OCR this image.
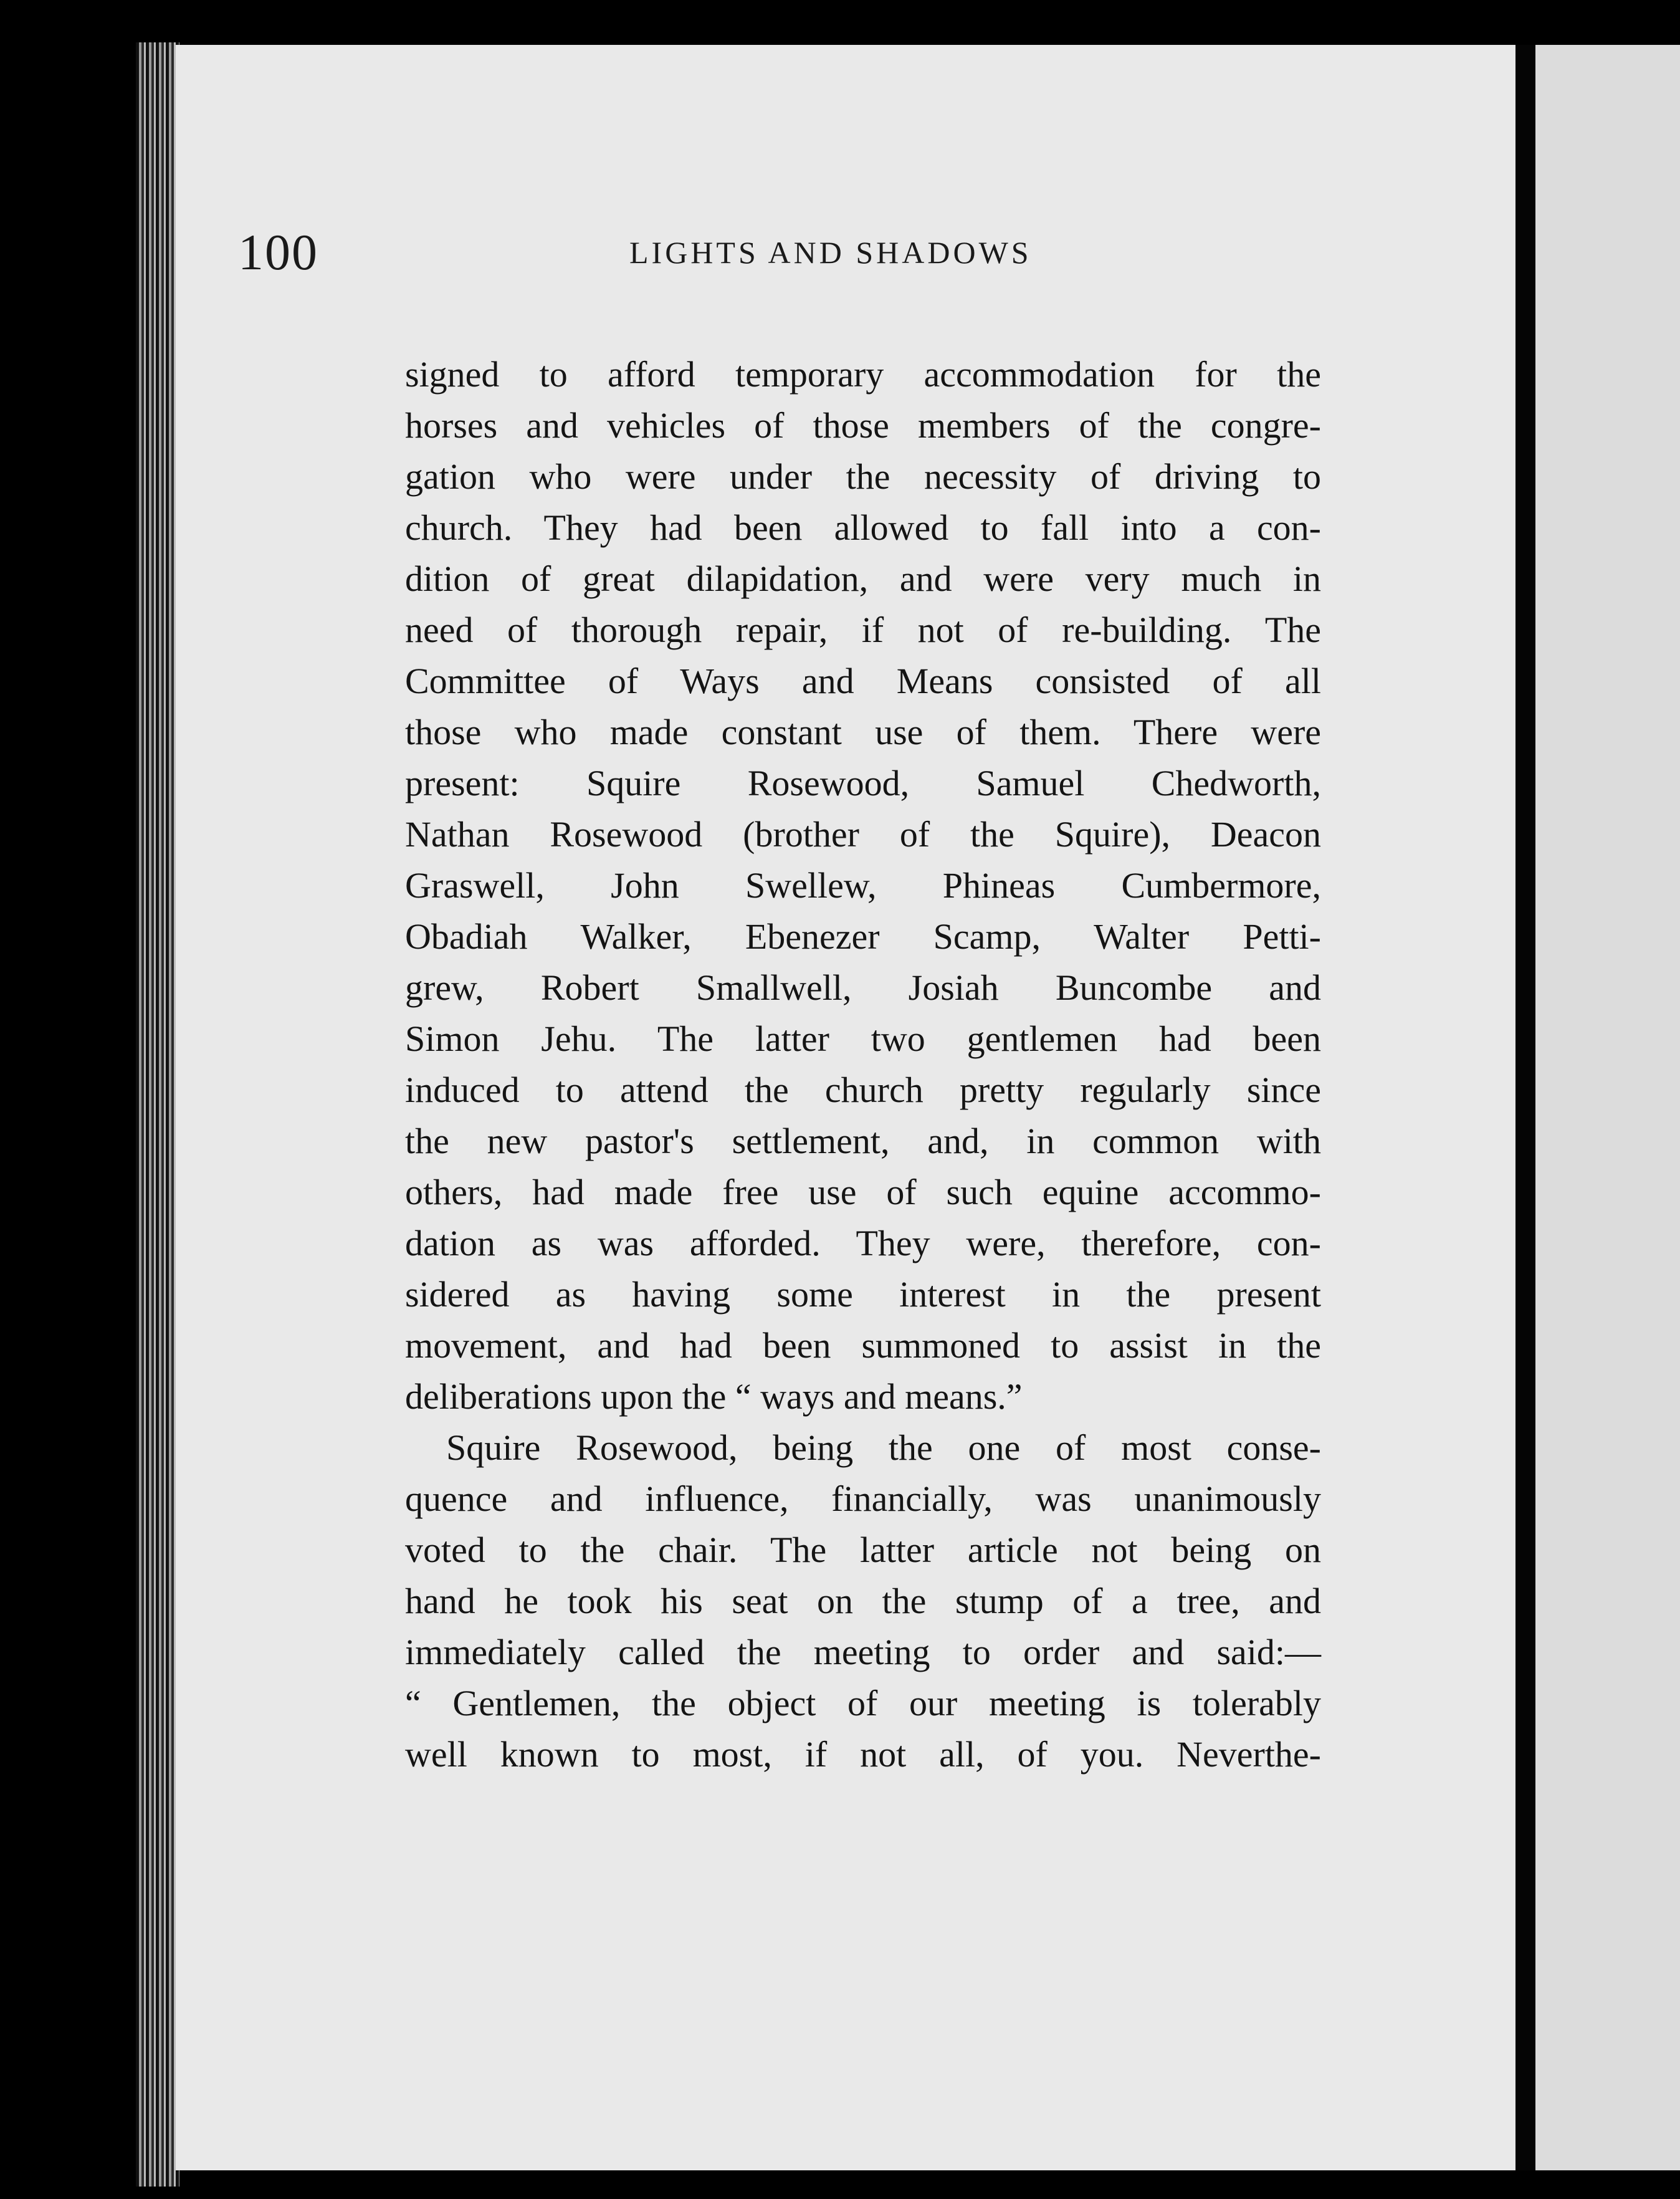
100	LIGHTS AND SHADOWS
signed to afford temporary accommodation for the
horses and vehicles of those members of the congre-
gation who were under the necessity of driving to
church. They had been allowed to fall into a con-
dition of great dilapidation, and were very much in
need of thorough repair, if not of re-building. The
Committee of Ways and Means consisted of all
those who made constant use of them. There were
present: Squire Rosewood, Samuel Chedworth,
Nathan Rosewood (brother of the Squire), Deacon
Graswell, John Swellew, Phineas Cumbermore,
Obadiah Walker, Ebenezer Scamp, Walter Petti-
grew, Robert Smallwell, Josiah Buncombe and
Simon Jehu. The latter two gentlemen had been
induced to attend the church pretty regularly since
the new pastor's settlement, and, in common with
others, had made free use of such equine accommo-
dation as was afforded. They were, therefore, con-
sidered as having some interest in the present
movement, and had been summoned to assist in the
deliberations upon the “ ways and means.”
Squire Rosewood, being the one of most conse-
quence and influence, financially, was unanimously
voted to the chair. The latter article not being on
hand he took his seat on the stump of a tree, and
immediately called the meeting to order and said:—
“ Gentlemen, the object of our meeting is tolerably
well known to most, if not all, of you. Neverthe-
